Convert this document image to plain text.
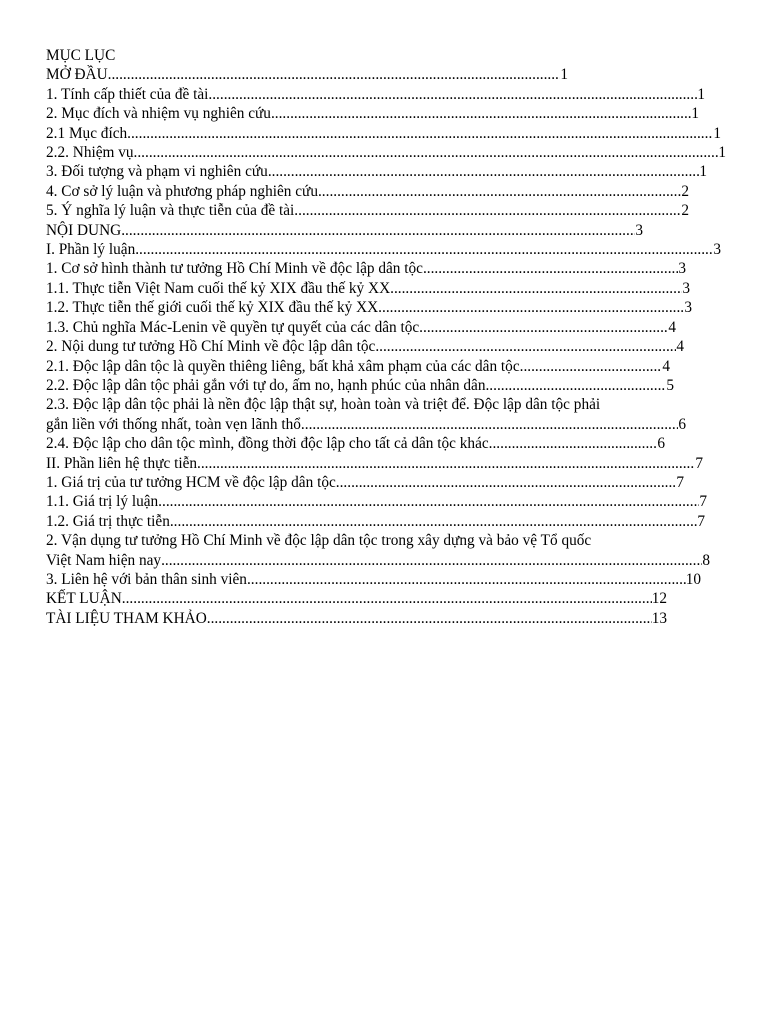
MỤC LỤC
MỞ ĐẦU .....	1
1. Tính cấp thiết của đề tài .....	1
2. Mục đích và nhiệm vụ nghiên cứu .....	1
2.1 Mục đích .....	1
2.2. Nhiệm vụ .....	1
3. Đối tượng và phạm vi nghiên cứu .....	1
4. Cơ sở lý luận và phương pháp nghiên cứu .....	2
5. Ý nghĩa lý luận và thực tiễn của đề tài .....	2
NỘI DUNG .....	3
I. Phần lý luận .....	3
1. Cơ sở hình thành tư tưởng Hồ Chí Minh về độc lập dân tộc .....	3
1.1. Thực tiễn Việt Nam cuối thế kỷ XIX đầu thế kỷ XX .....	3
1.2. Thực tiễn thế giới cuối thế kỷ XIX đầu thế kỷ XX .....	3
1.3. Chủ nghĩa Mác-Lenin về quyền tự quyết của các dân tộc .....	4
2. Nội dung tư tưởng Hồ Chí Minh về độc lập dân tộc .....	4
2.1. Độc lập dân tộc là quyền thiêng liêng, bất khả xâm phạm của các dân tộc .....	4
2.2. Độc lập dân tộc phải gắn với tự do, ấm no, hạnh phúc của nhân dân .....	5
2.3. Độc lập dân tộc phải là nền độc lập thật sự, hoàn toàn và triệt để. Độc lập dân tộc phải
gắn liền với thống nhất, toàn vẹn lãnh thổ .....	6
2.4. Độc lập cho dân tộc mình, đồng thời độc lập cho tất cả dân tộc khác. .....	6
II. Phần liên hệ thực tiễn .....	7
1. Giá trị của tư tưởng HCM về độc lập dân tộc .....	7
1.1. Giá trị lý luận .....	7
1.2. Giá trị thực tiễn .....	7
2. Vận dụng tư tưởng Hồ Chí Minh về độc lập dân tộc trong xây dựng và bảo vệ Tổ quốc
Việt Nam hiện nay .....	8
3. Liên hệ với bản thân sinh viên .....	10
KẾT LUẬN .....	12
TÀI LIỆU THAM KHẢO .....	13
